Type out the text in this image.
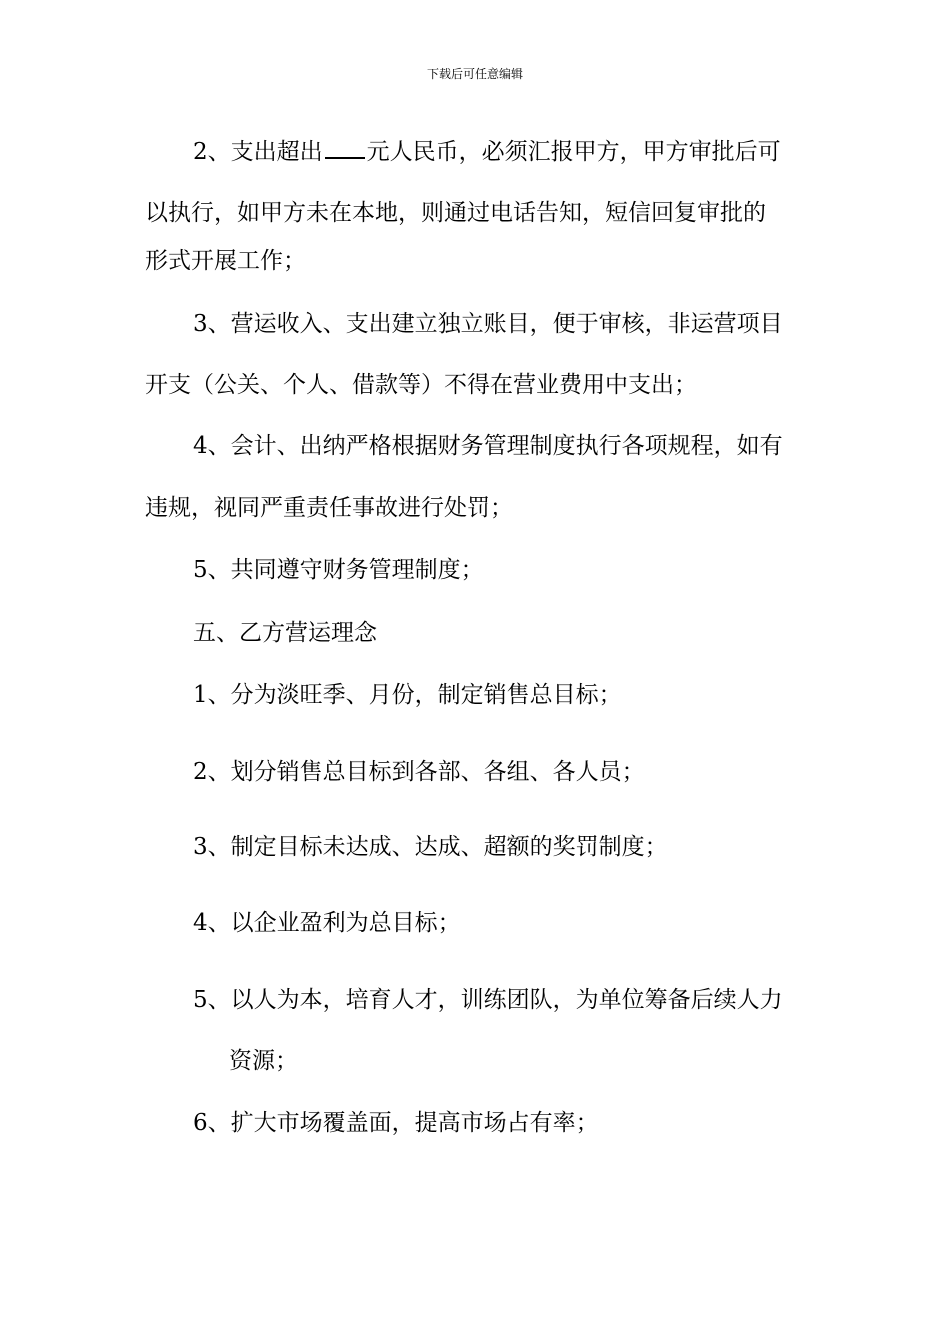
下载后可任意编辑
2、支出超出 元人民币，必须汇报甲方，甲方审批后可
以执行，如甲方未在本地，则通过电话告知，短信回复审批的
形式开展工作；
3、营运收入、支出建立独立账目，便于审核，非运营项目
开支（公关、个人、借款等）不得在营业费用中支出；
4、会计、出纳严格根据财务管理制度执行各项规程，如有
违规，视同严重责任事故进行处罚；
5、共同遵守财务管理制度；
五、乙方营运理念
1、分为淡旺季、月份，制定销售总目标；
2、划分销售总目标到各部、各组、各人员；
3、制定目标未达成、达成、超额的奖罚制度；
4、以企业盈利为总目标；
5、以人为本，培育人才，训练团队，为单位筹备后续人力
资源；
6、扩大市场覆盖面，提高市场占有率；
